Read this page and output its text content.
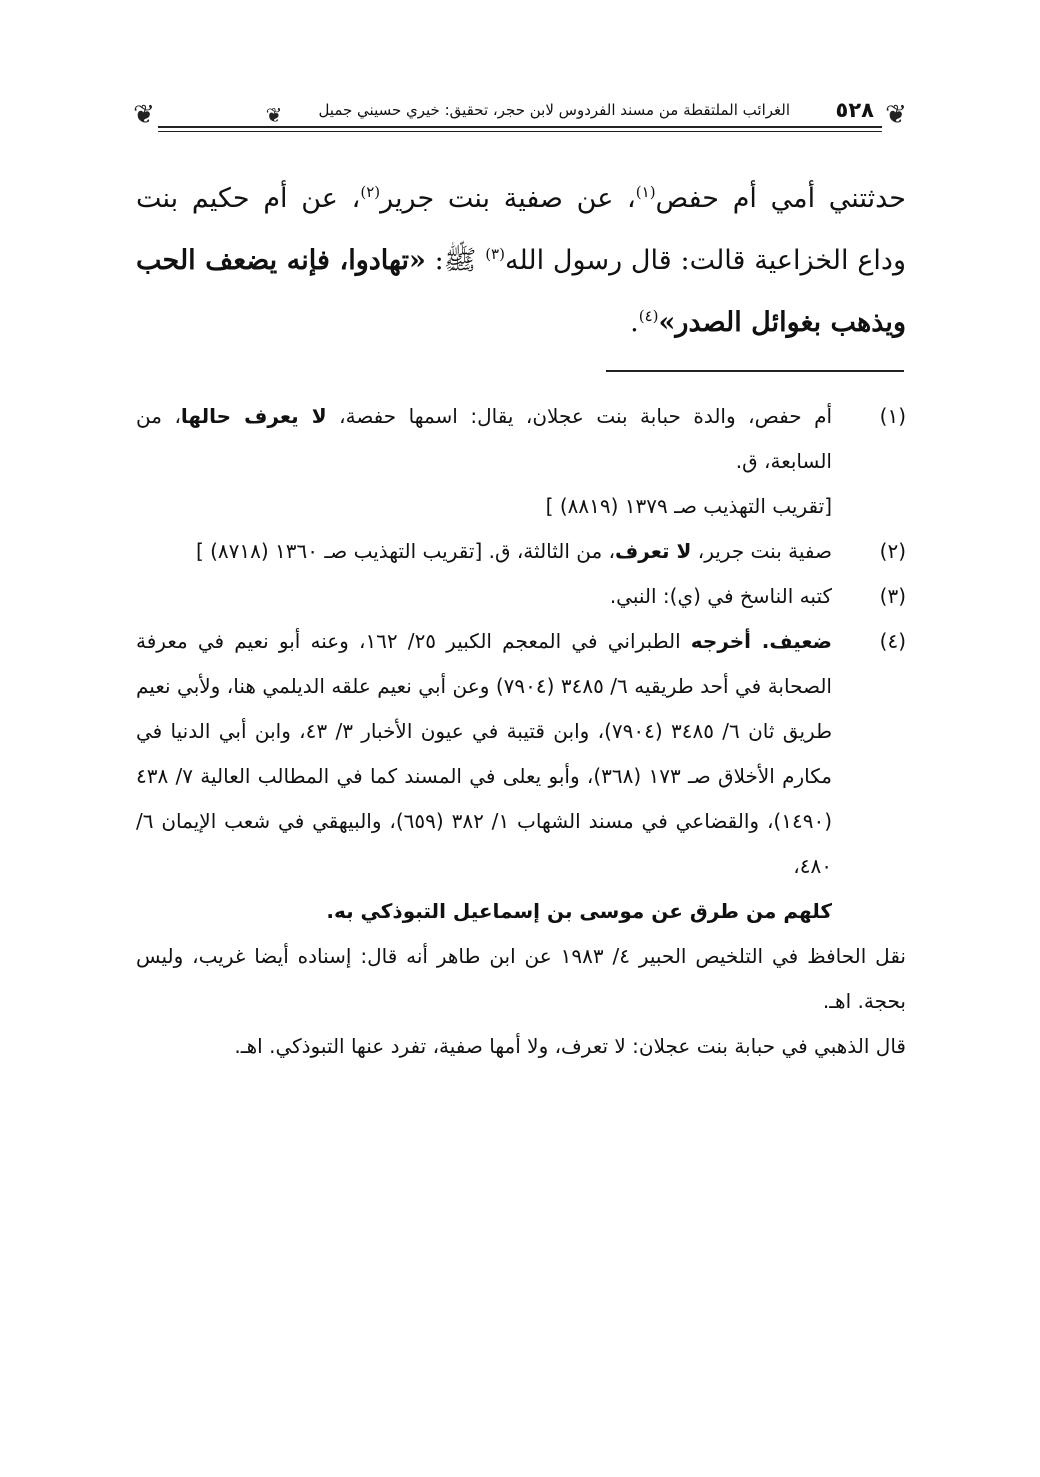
❦
٥٢٨
❦	الغرائب الملتقطة من مسند الفردوس لابن حجر، تحقيق: خيري حسيني جميل
❦
حدثتني أمي أم حفص$^{(١)}$، عن صفية بنت جرير$^{(٢)}$، عن أم حكيم بنت وداع الخزاعية قالت: قال رسول الله$^{(٣)}$ ﷺ: «تهادوا، فإنه يضعف الحب ويذهب بغوائل الصدر»$^{(٤)}$.
(١)
أم حفص، والدة حبابة بنت عجلان، يقال: اسمها حفصة، لا يعرف حالها، من السابعة، ق.
[تقريب التهذيب صـ ١٣٧٩ (٨٨١٩) ]
(٢)
صفية بنت جرير، لا تعرف، من الثالثة، ق. [تقريب التهذيب صـ ١٣٦٠ (٨٧١٨) ]
(٣)
كتبه الناسخ في (ي): النبي.
(٤)
ضعيف. أخرجه الطبراني في المعجم الكبير ٢٥/ ١٦٢، وعنه أبو نعيم في معرفة الصحابة في أحد طريقيه ٦/ ٣٤٨٥ (٧٩٠٤) وعن أبي نعيم علقه الديلمي هنا، ولأبي نعيم طريق ثان ٦/ ٣٤٨٥ (٧٩٠٤)، وابن قتيبة في عيون الأخبار ٣/ ٤٣، وابن أبي الدنيا في مكارم الأخلاق صـ ١٧٣ (٣٦٨)، وأبو يعلى في المسند كما في المطالب العالية ٧/ ٤٣٨ (١٤٩٠)، والقضاعي في مسند الشهاب ١/ ٣٨٢ (٦٥٩)، والبيهقي في شعب الإيمان ٦/ ٤٨٠،
كلهم من طرق عن موسى بن إسماعيل التبوذكي به.
نقل الحافظ في التلخيص الحبير ٤/ ١٩٨٣ عن ابن طاهر أنه قال: إسناده أيضا غريب، وليس بحجة. اهـ.
قال الذهبي في حبابة بنت عجلان: لا تعرف، ولا أمها صفية، تفرد عنها التبوذكي. اهـ.
